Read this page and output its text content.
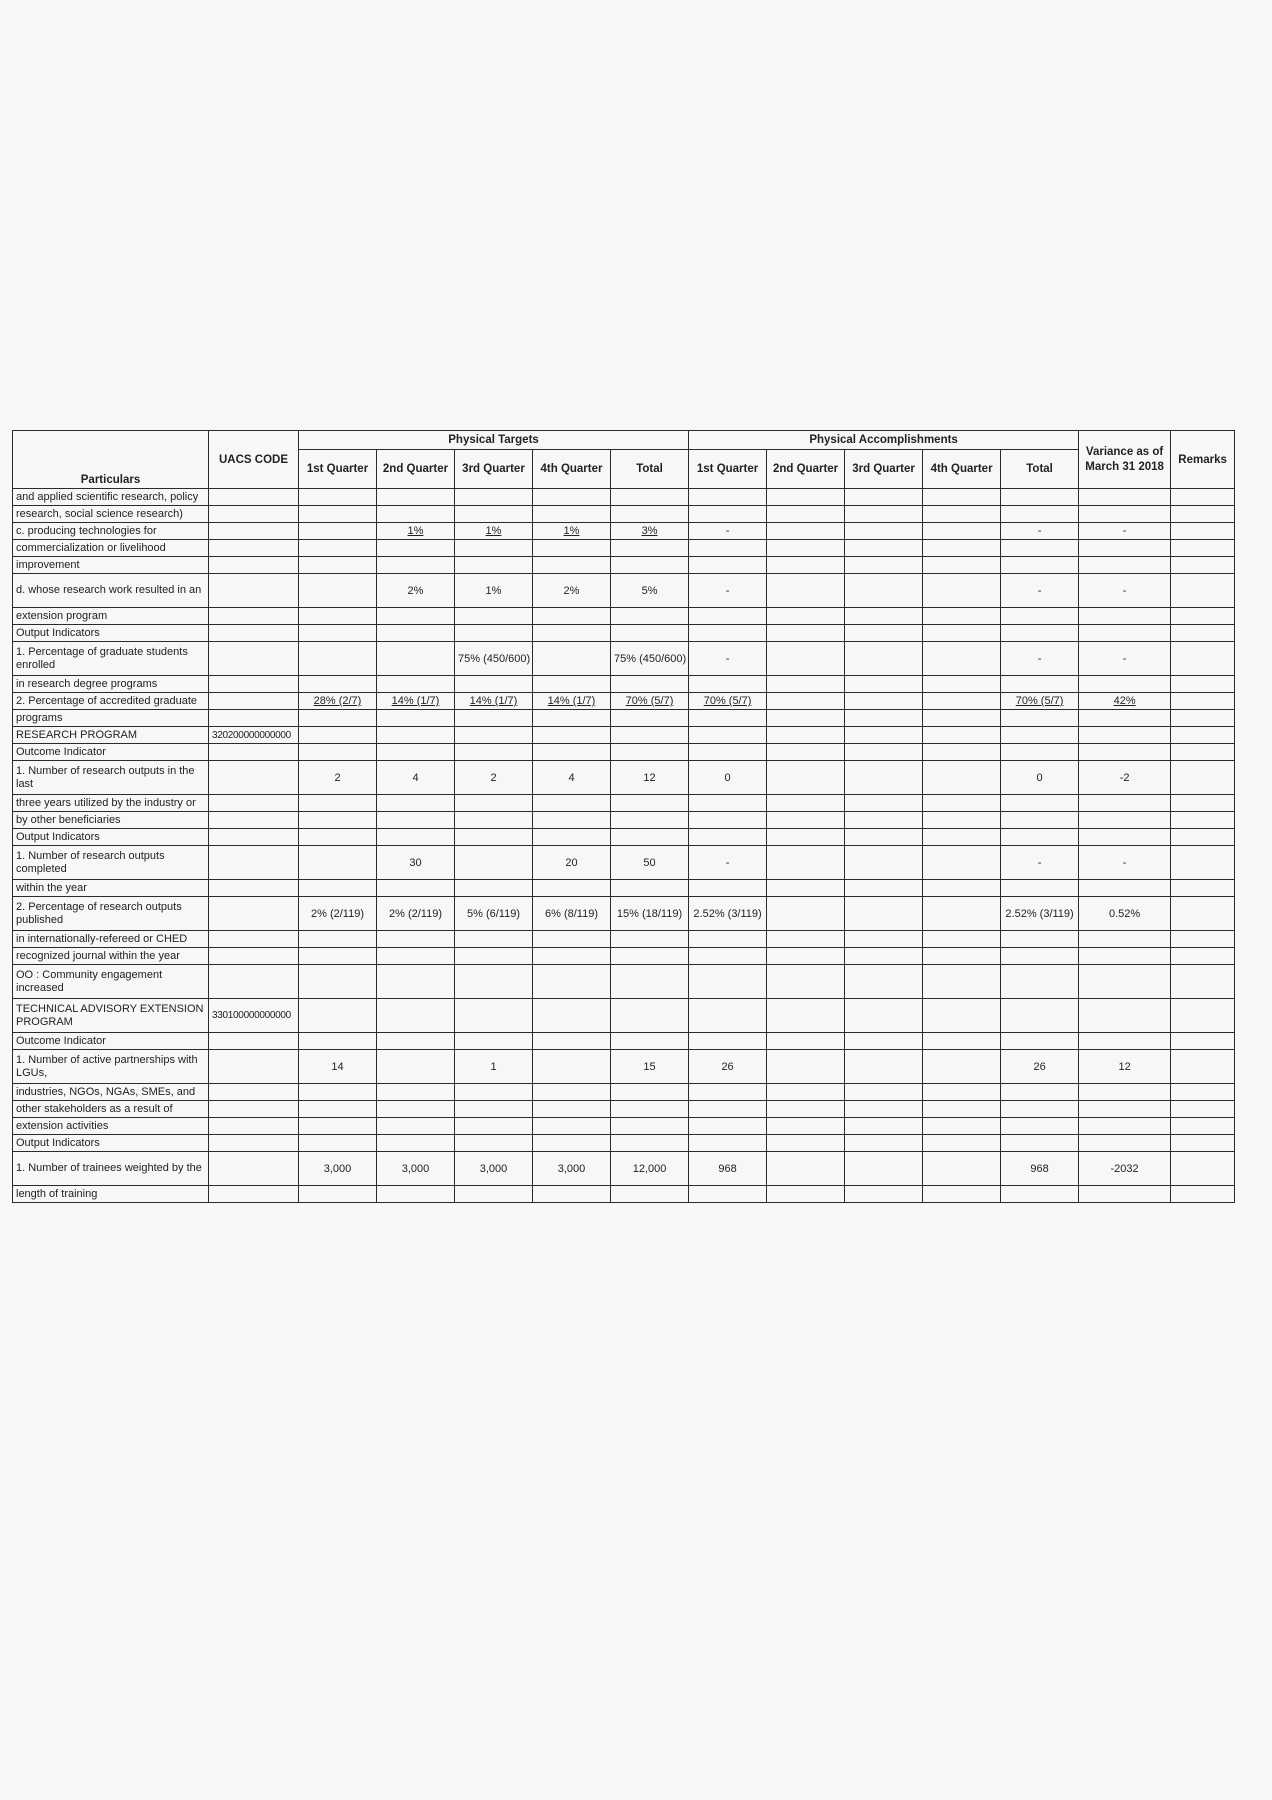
Particulars	UACS CODE	Physical Targets					Physical Accomplishments					Variance as of March 31 2018	Remarks
		1st Quarter	2nd Quarter	3rd Quarter	4th Quarter	Total	1st Quarter	2nd Quarter	3rd Quarter	4th Quarter	Total		
and applied scientific research, policy													
research, social science research)													
c. producing technologies for			1%	1%	1%	3%	-				-	-	
commercialization or livelihood													
improvement													
d. whose research work resulted in an			2%	1%	2%	5%	-				-	-	
extension program													
Output Indicators													
1. Percentage of graduate students enrolled				75% (450/600)		75% (450/600)	-				-	-	
in research degree programs													
2. Percentage of accredited graduate		28% (2/7)	14% (1/7)	14% (1/7)	14% (1/7)	70% (5/7)	70% (5/7)				70% (5/7)	42%	
programs													
RESEARCH PROGRAM	320200000000000												
Outcome Indicator													
1. Number of research outputs in the last		2	4	2	4	12	0				0	-2	
three years utilized by the industry or													
by other beneficiaries													
Output Indicators													
1. Number of research outputs completed			30		20	50	-				-	-	
within the year													
2. Percentage of research outputs published		2% (2/119)	2% (2/119)	5% (6/119)	6% (8/119)	15% (18/119)	2.52% (3/119)				2.52% (3/119)	0.52%	
in internationally-refereed or CHED													
recognized journal within the year													
OO : Community engagement increased													
TECHNICAL ADVISORY EXTENSION PROGRAM	330100000000000												
Outcome Indicator													
1. Number of active partnerships with LGUs,		14		1		15	26				26	12	
industries, NGOs, NGAs, SMEs, and													
other stakeholders as a result of													
extension activities													
Output Indicators													
1. Number of trainees weighted by the		3,000	3,000	3,000	3,000	12,000	968				968	-2032	
length of training													
